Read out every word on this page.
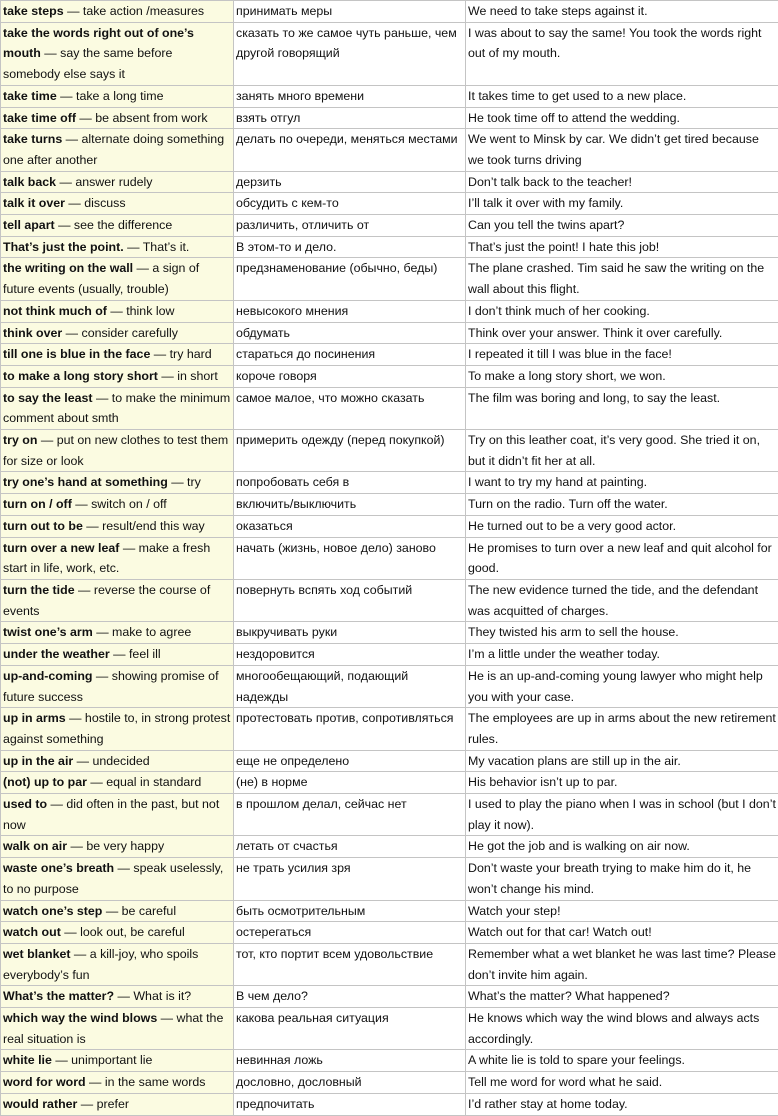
take steps — take action /measures	принимать меры	We need to take steps against it.
take the words right out of one’s mouth — say the same before somebody else says it	сказать то же самое чуть раньше, чем другой говорящий	I was about to say the same! You took the words right out of my mouth.
take time — take a long time	занять много времени	It takes time to get used to a new place.
take time off — be absent from work	взять отгул	He took time off to attend the wedding.
take turns — alternate doing something one after another	делать по очереди, меняться местами	We went to Minsk by car. We didn’t get tired because we took turns driving
talk back — answer rudely	дерзить	Don’t talk back to the teacher!
talk it over — discuss	обсудить с кем-то	I’ll talk it over with my family.
tell apart — see the difference	различить, отличить от	Can you tell the twins apart?
That’s just the point. — That’s it.	В этом-то и дело.	That’s just the point! I hate this job!
the writing on the wall — a sign of future events (usually, trouble)	предзнаменование (обычно, беды)	The plane crashed. Tim said he saw the writing on the wall about this flight.
not think much of — think low	невысокого мнения	I don’t think much of her cooking.
think over — consider carefully	обдумать	Think over your answer. Think it over carefully.
till one is blue in the face — try hard	стараться до посинения	I repeated it till I was blue in the face!
to make a long story short — in short	короче говоря	To make a long story short, we won.
to say the least — to make the minimum comment about smth	самое малое, что можно сказать	The film was boring and long, to say the least.
try on — put on new clothes to test them for size or look	примерить одежду (перед покупкой)	Try on this leather coat, it’s very good. She tried it on, but it didn’t fit her at all.
try one’s hand at something — try	попробовать себя в	I want to try my hand at painting.
turn on / off — switch on / off	включить/выключить	Turn on the radio. Turn off the water.
turn out to be — result/end this way	оказаться	He turned out to be a very good actor.
turn over a new leaf — make a fresh start in life, work, etc.	начать (жизнь, новое дело) заново	He promises to turn over a new leaf and quit alcohol for good.
turn the tide — reverse the course of events	повернуть вспять ход событий	The new evidence turned the tide, and the defendant was acquitted of charges.
twist one’s arm — make to agree	выкручивать руки	They twisted his arm to sell the house.
under the weather — feel ill	нездоровится	I’m a little under the weather today.
up-and-coming — showing promise of future success	многообещающий, подающий надежды	He is an up-and-coming young lawyer who might help you with your case.
up in arms — hostile to, in strong protest against something	протестовать против, сопротивляться	The employees are up in arms about the new retirement rules.
up in the air — undecided	еще не определено	My vacation plans are still up in the air.
(not) up to par — equal in standard	(не) в норме	His behavior isn’t up to par.
used to — did often in the past, but not now	в прошлом делал, сейчас нет	I used to play the piano when I was in school (but I don’t play it now).
walk on air — be very happy	летать от счастья	He got the job and is walking on air now.
waste one’s breath — speak uselessly, to no purpose	не трать усилия зря	Don’t waste your breath trying to make him do it, he won’t change his mind.
watch one’s step — be careful	быть осмотрительным	Watch your step!
watch out — look out, be careful	остерегаться	Watch out for that car! Watch out!
wet blanket — a kill-joy, who spoils everybody’s fun	тот, кто портит всем удовольствие	Remember what a wet blanket he was last time? Please don’t invite him again.
What’s the matter? — What is it?	В чем дело?	What’s the matter? What happened?
which way the wind blows — what the real situation is	какова реальная ситуация	He knows which way the wind blows and always acts accordingly.
white lie — unimportant lie	невинная ложь	A white lie is told to spare your feelings.
word for word — in the same words	дословно, дословный	Tell me word for word what he said.
would rather — prefer	предпочитать	I’d rather stay at home today.
